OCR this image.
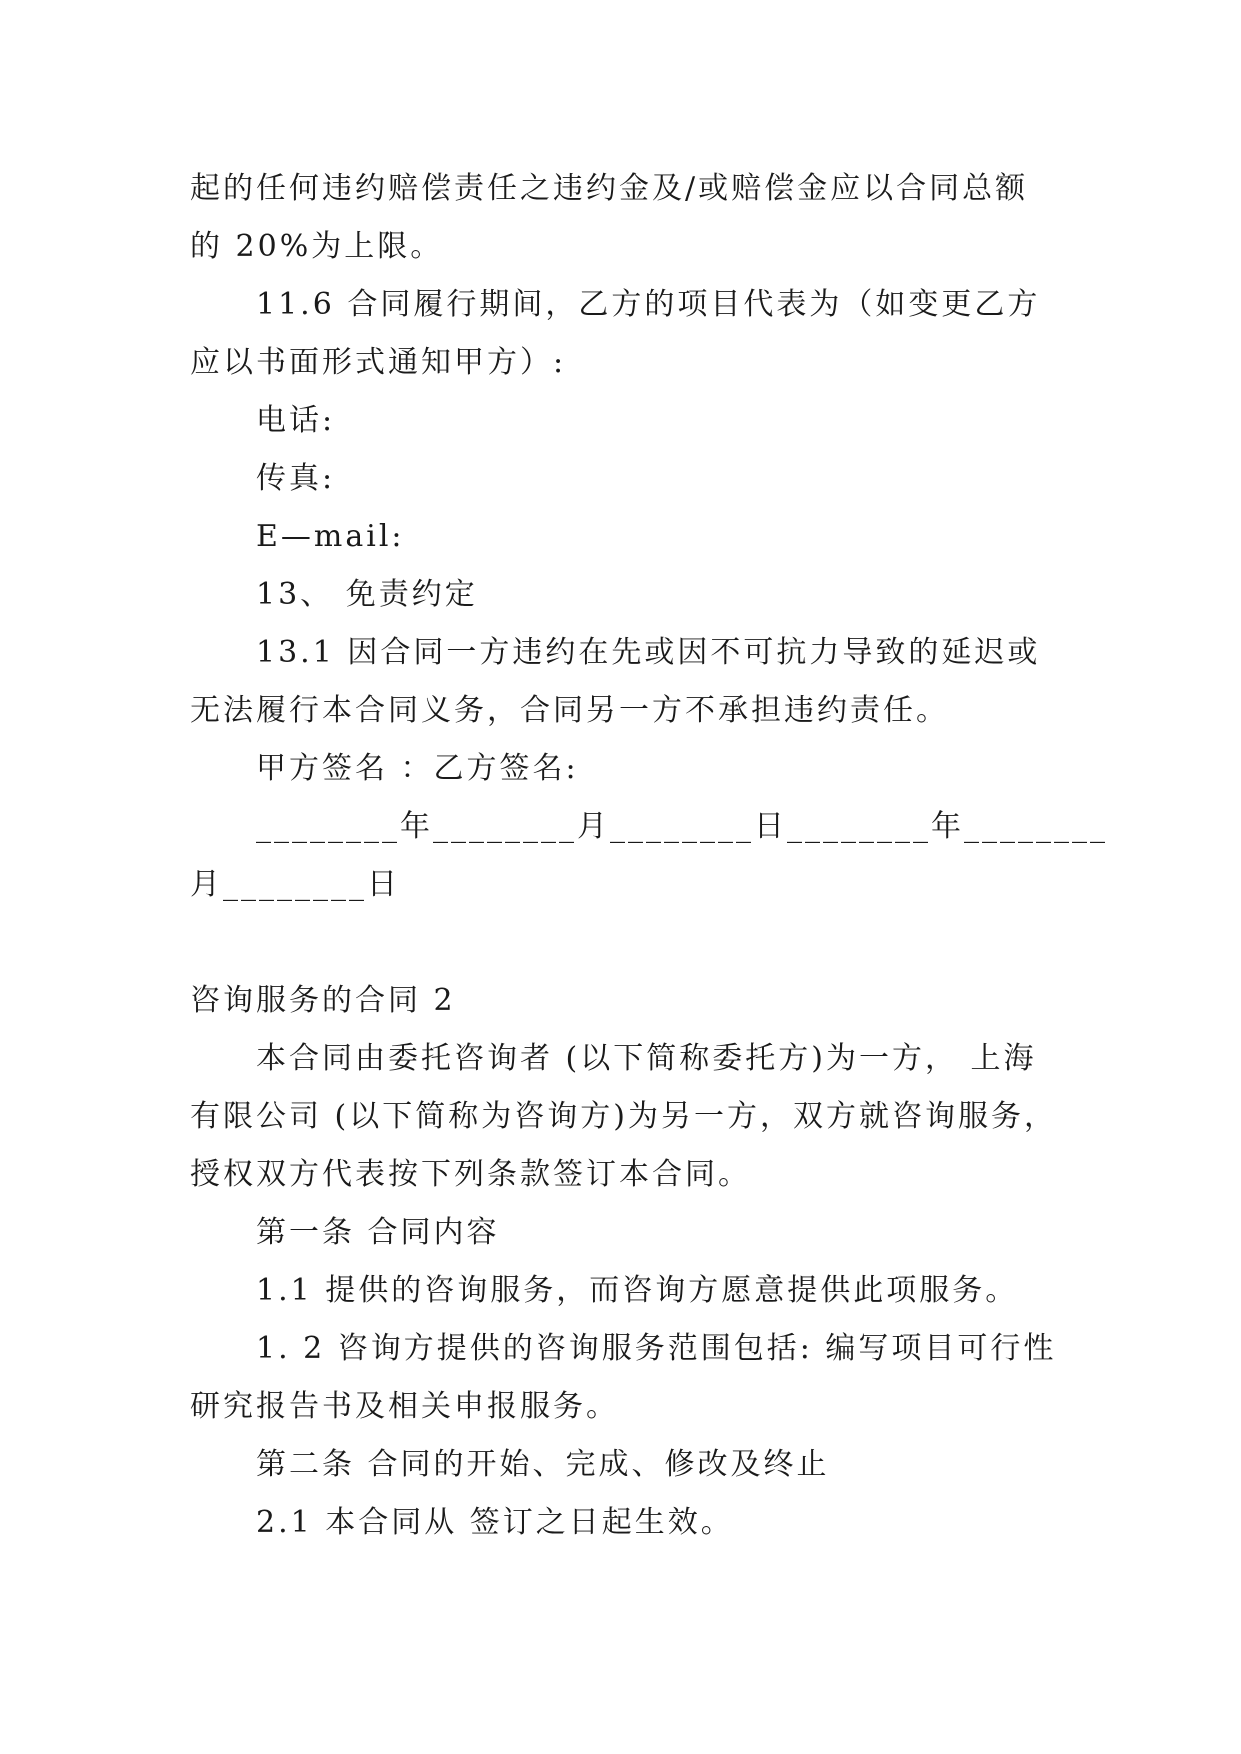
起的任何违约赔偿责任之违约金及/或赔偿金应以合同总额
的 20%为上限。
11.6 合同履行期间，乙方的项目代表为（如变更乙方
应以书面形式通知甲方）:
电话:
传真:
E—mail:
13、 免责约定
13.1 因合同一方违约在先或因不可抗力导致的延迟或
无法履行本合同义务，合同另一方不承担违约责任。
甲方签名 ：乙方签名:
________年________月________日________年________
月________日
咨询服务的合同 2
本合同由委托咨询者 (以下简称委托方)为一方， 上海
有限公司 (以下简称为咨询方)为另一方，双方就咨询服务，
授权双方代表按下列条款签订本合同。
第一条 合同内容
1.1 提供的咨询服务，而咨询方愿意提供此项服务。
1. 2 咨询方提供的咨询服务范围包括: 编写项目可行性
研究报告书及相关申报服务。
第二条 合同的开始、完成、修改及终止
2.1 本合同从 签订之日起生效。
